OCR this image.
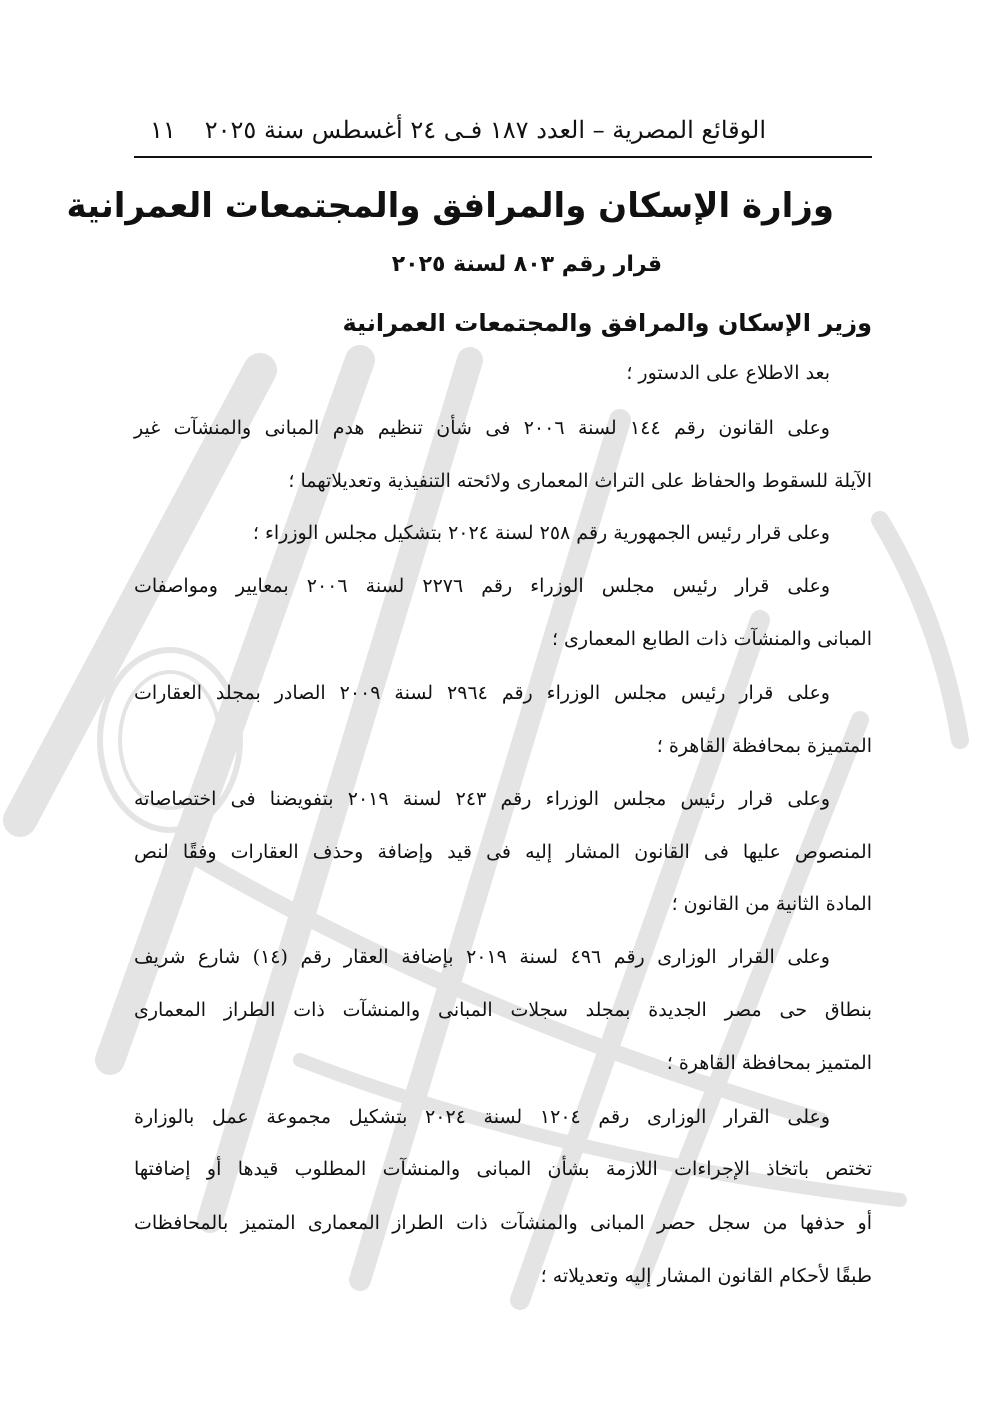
الوقائع المصرية – العدد ١٨٧ فـى ٢٤ أغسطس سنة ٢٠٢٥
١١
وزارة الإسكان والمرافق والمجتمعات العمرانية
قرار رقم ٨٠٣ لسنة ٢٠٢٥
وزير الإسكان والمرافق والمجتمعات العمرانية
بعد الاطلاع على الدستور ؛
وعلى القانون رقم ١٤٤ لسنة ٢٠٠٦ فى شأن تنظيم هدم المبانى والمنشآت غير
الآيلة للسقوط والحفاظ على التراث المعمارى ولائحته التنفيذية وتعديلاتهما ؛
وعلى قرار رئيس الجمهورية رقم ٢٥٨ لسنة ٢٠٢٤ بتشكيل مجلس الوزراء ؛
وعلى قرار رئيس مجلس الوزراء رقم ٢٢٧٦ لسنة ٢٠٠٦ بمعايير ومواصفات
المبانى والمنشآت ذات الطابع المعمارى ؛
وعلى قرار رئيس مجلس الوزراء رقم ٢٩٦٤ لسنة ٢٠٠٩ الصادر بمجلد العقارات
المتميزة بمحافظة القاهرة ؛
وعلى قرار رئيس مجلس الوزراء رقم ٢٤٣ لسنة ٢٠١٩ بتفويضنا فى اختصاصاته
المنصوص عليها فى القانون المشار إليه فى قيد وإضافة وحذف العقارات وفقًا لنص
المادة الثانية من القانون ؛
وعلى القرار الوزارى رقم ٤٩٦ لسنة ٢٠١٩ بإضافة العقار رقم (١٤) شارع شريف
بنطاق حى مصر الجديدة بمجلد سجلات المبانى والمنشآت ذات الطراز المعمارى
المتميز بمحافظة القاهرة ؛
وعلى القرار الوزارى رقم ١٢٠٤ لسنة ٢٠٢٤ بتشكيل مجموعة عمل بالوزارة
تختص باتخاذ الإجراءات اللازمة بشأن المبانى والمنشآت المطلوب قيدها أو إضافتها
أو حذفها من سجل حصر المبانى والمنشآت ذات الطراز المعمارى المتميز بالمحافظات
طبقًا لأحكام القانون المشار إليه وتعديلاته ؛
